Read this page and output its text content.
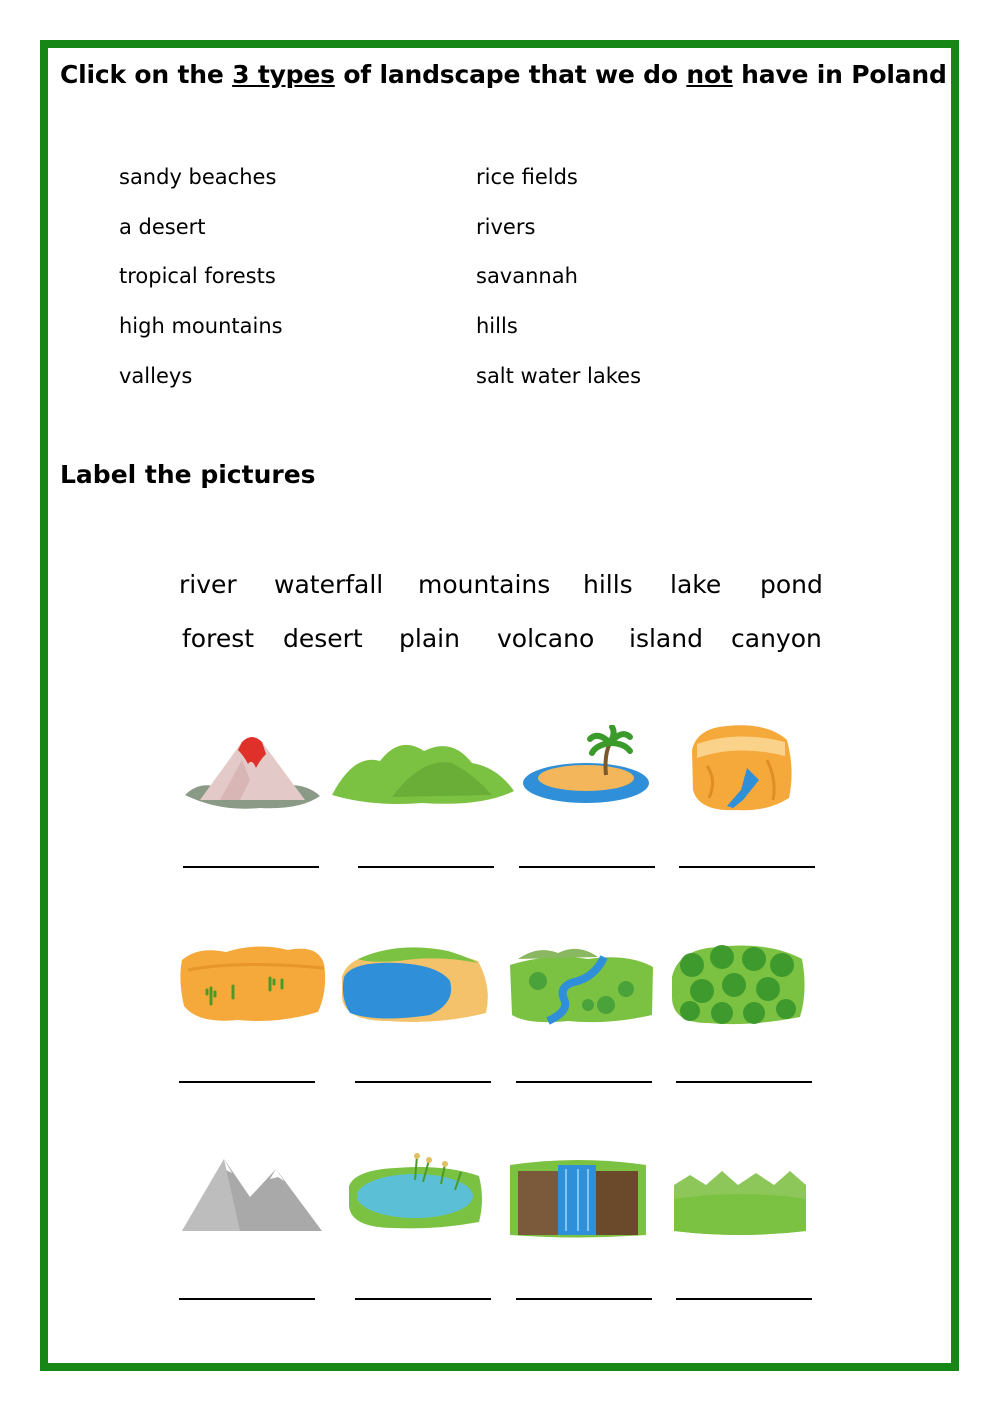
Click on the 3 types of landscape that we do not have in Poland
sandy beaches
a desert
tropical forests
high mountains
valleys
rice fields
rivers
savannah
hills
salt water lakes
Label the pictures
river waterfall mountains hills lake pond
forest desert plain volcano island canyon
